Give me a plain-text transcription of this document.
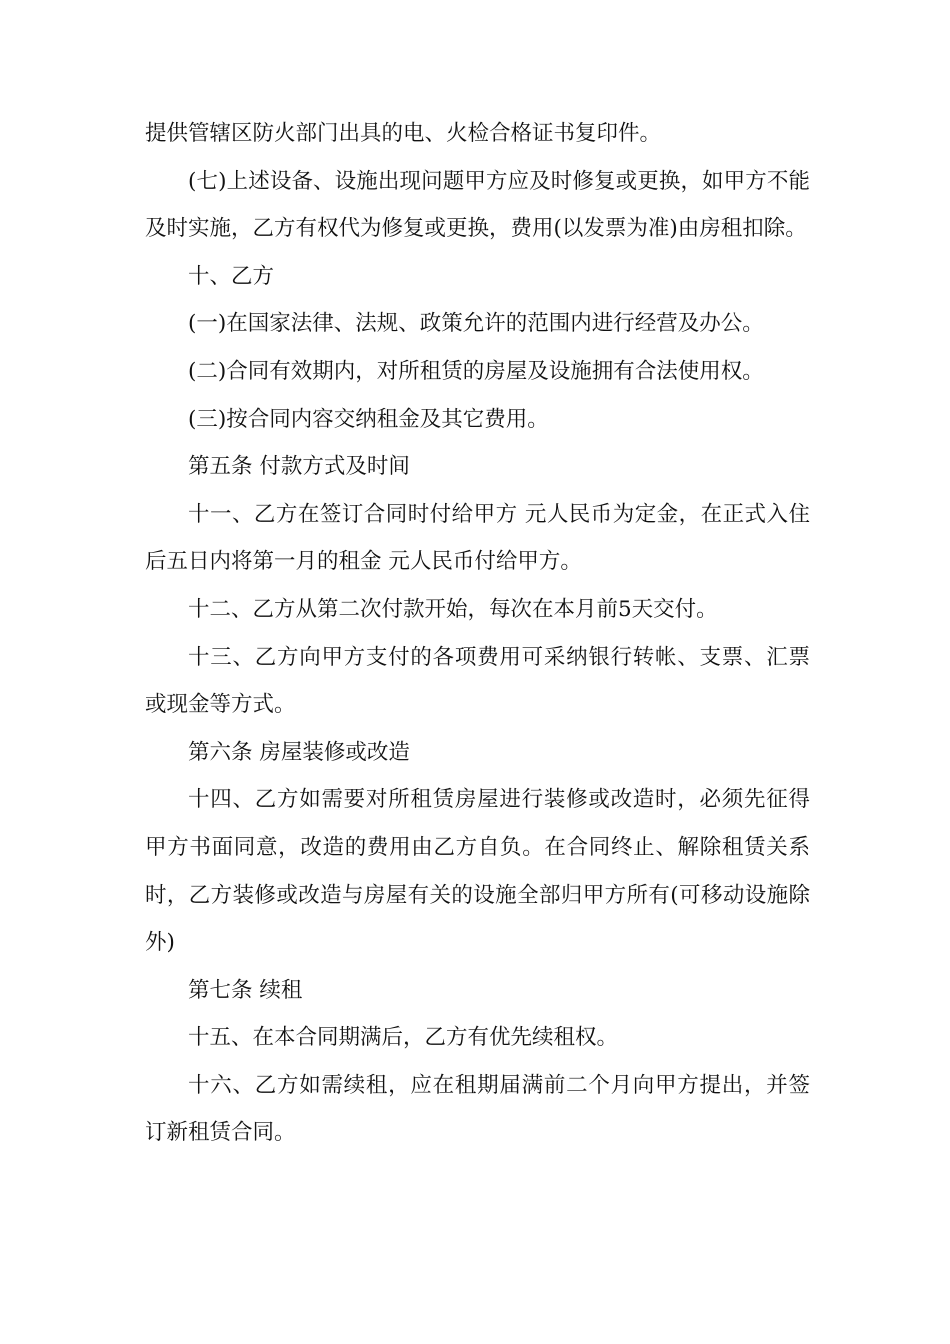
提供管辖区防火部门出具的电、火检合格证书复印件。

(七)上述设备、设施出现问题甲方应及时修复或更换，如甲方不能及时实施，乙方有权代为修复或更换，费用(以发票为准)由房租扣除。

十、乙方

(一)在国家法律、法规、政策允许的范围内进行经营及办公。

(二)合同有效期内，对所租赁的房屋及设施拥有合法使用权。

(三)按合同内容交纳租金及其它费用。

第五条 付款方式及时间

十一、乙方在签订合同时付给甲方 元人民币为定金，在正式入住后五日内将第一月的租金 元人民币付给甲方。

十二、乙方从第二次付款开始，每次在本月前5天交付。

十三、乙方向甲方支付的各项费用可采纳银行转帐、支票、汇票或现金等方式。

第六条 房屋装修或改造

十四、乙方如需要对所租赁房屋进行装修或改造时，必须先征得甲方书面同意，改造的费用由乙方自负。在合同终止、解除租赁关系时，乙方装修或改造与房屋有关的设施全部归甲方所有(可移动设施除外)

第七条 续租

十五、在本合同期满后，乙方有优先续租权。

十六、乙方如需续租，应在租期届满前二个月向甲方提出，并签订新租赁合同。
